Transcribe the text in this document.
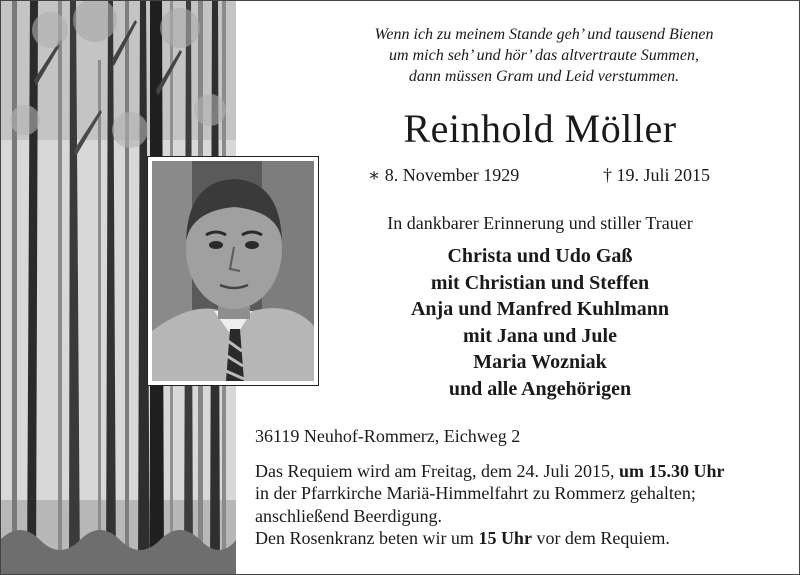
Wenn ich zu meinem Stande geh’ und tausend Bienen
um mich seh’ und hör’ das altvertraute Summen,
dann müssen Gram und Leid verstummen.
Reinhold Möller
∗ 8. November 1929	† 19. Juli 2015
In dankbarer Erinnerung und stiller Trauer
Christa und Udo Gaß
mit Christian und Steffen
Anja und Manfred Kuhlmann
mit Jana und Jule
Maria Wozniak
und alle Angehörigen
36119 Neuhof-Rommerz, Eichweg 2
Das Requiem wird am Freitag, dem 24. Juli 2015, um 15.30 Uhr
in der Pfarrkirche Mariä-Himmelfahrt zu Rommerz gehalten;
anschließend Beerdigung.
Den Rosenkranz beten wir um 15 Uhr vor dem Requiem.
